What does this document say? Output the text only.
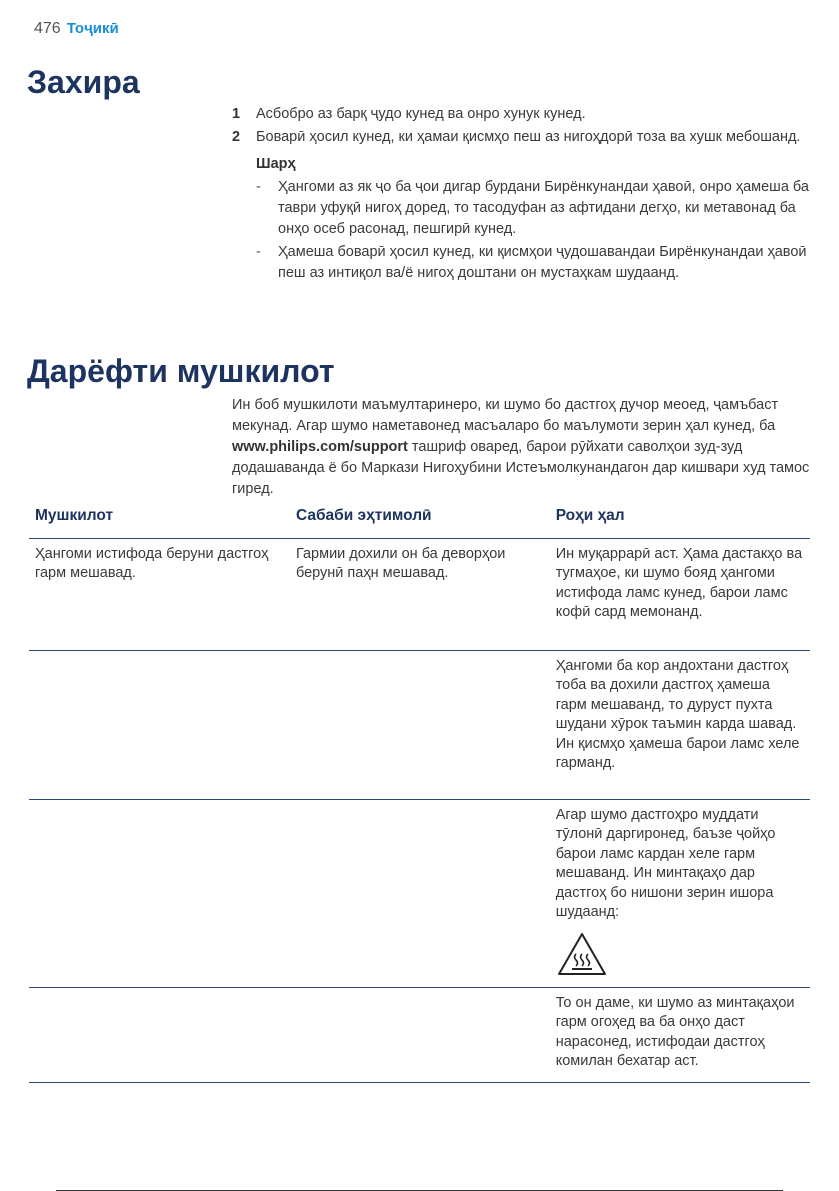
476 Тоҷикӣ
Захира
1	Асбобро аз барқ ҷудо кунед ва онро хунук кунед.
2	Боварӣ ҳосил кунед, ки ҳамаи қисмҳо пеш аз нигоҳдорӣ тоза ва хушк мебошанд.
Шарҳ
-	Ҳангоми аз як ҷо ба ҷои дигар бурдани Бирёнкунандаи ҳавоӣ, онро ҳамеша ба таври уфуқӣ нигоҳ доред, то тасодуфан аз афтидани дегҳо, ки метавонад ба онҳо осеб расонад, пешгирӣ кунед.
-	Ҳамеша боварӣ ҳосил кунед, ки қисмҳои ҷудошавандаи Бирёнкунандаи ҳавоӣ пеш аз интиқол ва/ё нигоҳ доштани он мустаҳкам шудаанд.
Дарёфти мушкилот
Ин боб мушкилоти маъмултаринеро, ки шумо бо дастгоҳ дучор меоед, ҷамъбаст мекунад. Агар шумо наметавонед масъаларо бо маълумоти зерин ҳал кунед, ба www.philips.com/support ташриф оваред, барои рӯйхати саволҳои зуд-зуд додашаванда ё бо Маркази Нигоҳубини Истеъмолкунандагон дар кишвари худ тамос гиред.
Мушкилот	Сабаби эҳтимолӣ	Роҳи ҳал
Ҳангоми истифода беруни дастгоҳ гарм мешавад.	Гармии дохили он ба деворҳои берунӣ паҳн мешавад.	Ин муқаррарӣ аст. Ҳама дастакҳо ва тугмаҳое, ки шумо бояд ҳангоми истифода ламс кунед, барои ламс кофӣ сард мемонанд.
		Ҳангоми ба кор андохтани дастгоҳ тоба ва дохили дастгоҳ ҳамеша гарм мешаванд, то дуруст пухта шудани хӯрок таъмин карда шавад. Ин қисмҳо ҳамеша барои ламс хеле гарманд.
		Агар шумо дастгоҳро муддати тӯлонӣ даргиронед, баъзе ҷойҳо барои ламс кардан хеле гарм мешаванд. Ин минтақаҳо дар дастгоҳ бо нишони зерин ишора шудаанд:

		То он даме, ки шумо аз минтақаҳои гарм огоҳед ва ба онҳо даст нарасонед, истифодаи дастгоҳ комилан бехатар аст.
